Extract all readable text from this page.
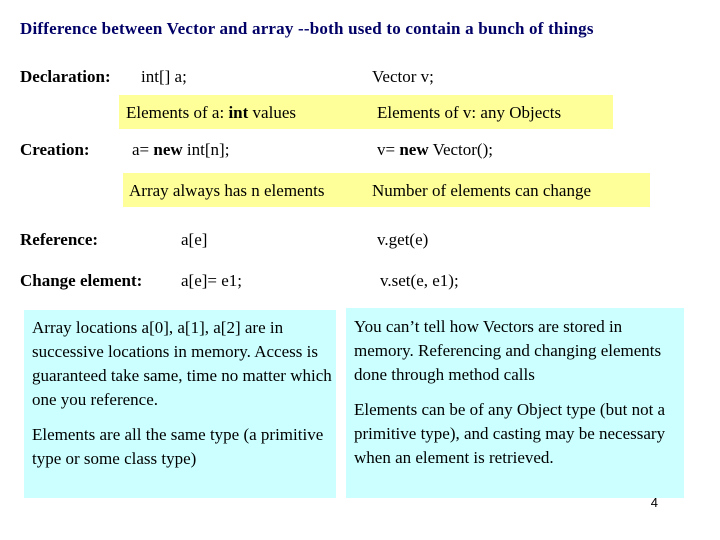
Difference between Vector and array --both used to contain a bunch of things
Declaration: int[] a;	Vector v;
Elements of a: int values	Elements of v: any Objects
Creation: a= new int[n];	v= new Vector();
Array always has n elements	Number of elements can change
Reference:	a[e]	v.get(e)
Change element: a[e]= e1;	v.set(e, e1);

Array locations a[0], a[1], a[2] are in successive locations in memory. Access is guaranteed take same, time no matter which one you reference.

Elements are all the same type (a primitive type or some class type)

You can’t tell how Vectors are stored in memory. Referencing and changing elements done through method calls

Elements can be of any Object type (but not a primitive type), and casting may be necessary when an element is retrieved.

4
